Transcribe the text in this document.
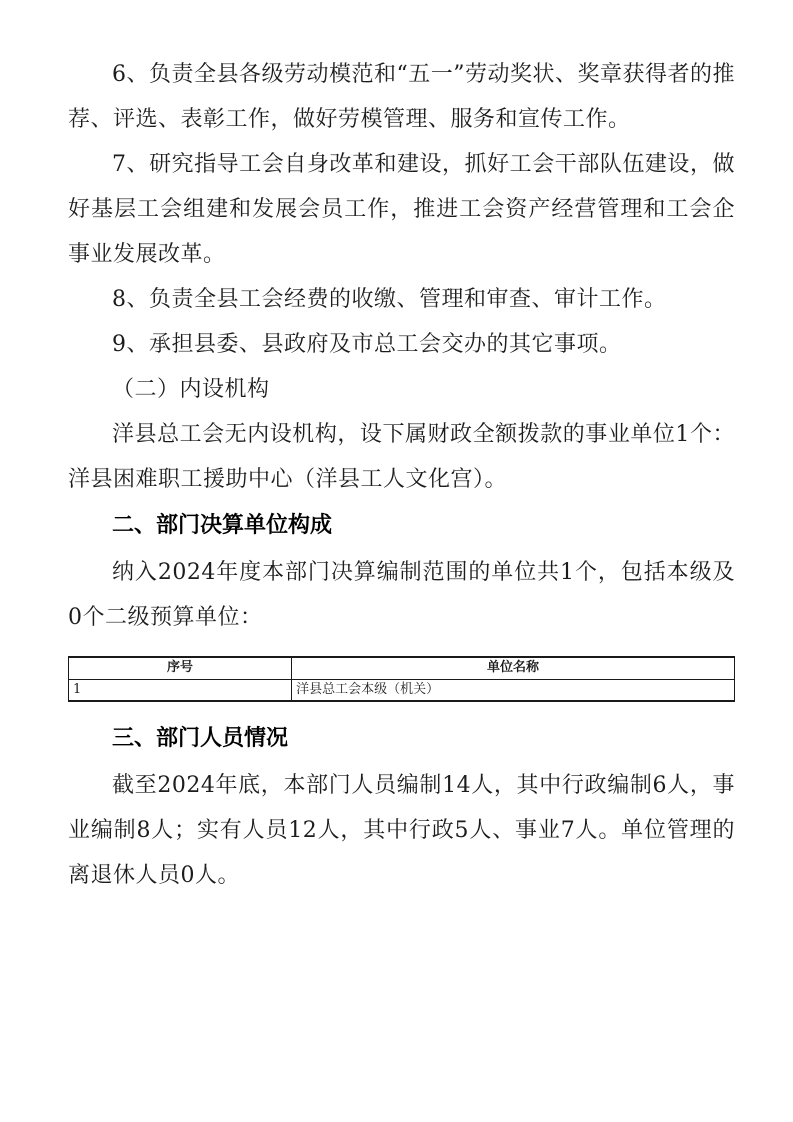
6、负责全县各级劳动模范和“五一”劳动奖状、奖章获得者的推荐、评选、表彰工作，做好劳模管理、服务和宣传工作。

7、研究指导工会自身改革和建设，抓好工会干部队伍建设，做好基层工会组建和发展会员工作，推进工会资产经营管理和工会企事业发展改革。

8、负责全县工会经费的收缴、管理和审查、审计工作。

9、承担县委、县政府及市总工会交办的其它事项。

（二）内设机构

洋县总工会无内设机构，设下属财政全额拨款的事业单位1个：洋县困难职工援助中心（洋县工人文化宫）。

二、部门决算单位构成

纳入2024年度本部门决算编制范围的单位共1个，包括本级及0个二级预算单位：

序号	单位名称
1	洋县总工会本级（机关）
三、部门人员情况

截至2024年底，本部门人员编制14人，其中行政编制6人，事业编制8人；实有人员12人，其中行政5人、事业7人。单位管理的离退休人员0人。
